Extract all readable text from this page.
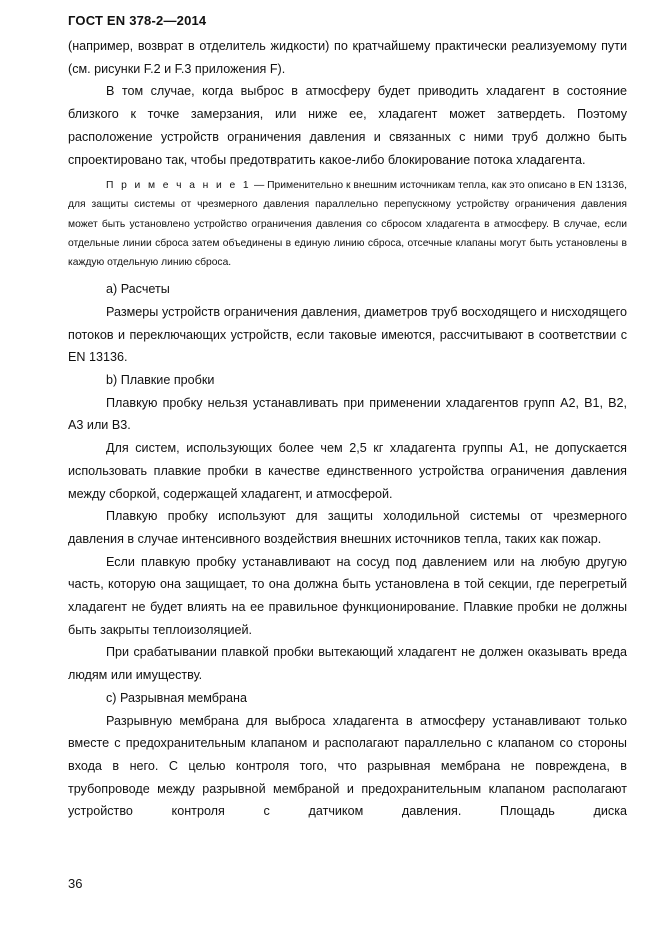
ГОСТ EN 378-2—2014

(например, возврат в отделитель жидкости) по кратчайшему практически реализуемому пути (см. рисунки F.2 и F.3 приложения F).

В том случае, когда выброс в атмосферу будет приводить хладагент в состояние близкого к точке замерзания, или ниже ее, хладагент может затвердеть. Поэтому расположение устройств ограничения давления и связанных с ними труб должно быть спроектировано так, чтобы предотвратить какое-либо блокирование потока хладагента.

П р и м е ч а н и е 1 — Применительно к внешним источникам тепла, как это описано в EN 13136, для защиты системы от чрезмерного давления параллельно перепускному устройству ограничения давления может быть установлено устройство ограничения давления со сбросом хладагента в атмосферу. В случае, если отдельные линии сброса затем объединены в единую линию сброса, отсечные клапаны могут быть установлены в каждую отдельную линию сброса.

a) Расчеты

Размеры устройств ограничения давления, диаметров труб восходящего и нисходящего потоков и переключающих устройств, если таковые имеются, рассчитывают в соответствии с EN 13136.

b) Плавкие пробки

Плавкую пробку нельзя устанавливать при применении хладагентов групп А2, В1, В2, А3 или В3.

Для систем, использующих более чем 2,5 кг хладагента группы А1, не допускается использовать плавкие пробки в качестве единственного устройства ограничения давления между сборкой, содержащей хладагент, и атмосферой.

Плавкую пробку используют для защиты холодильной системы от чрезмерного давления в случае интенсивного воздействия внешних источников тепла, таких как пожар.

Если плавкую пробку устанавливают на сосуд под давлением или на любую другую часть, которую она защищает, то она должна быть установлена в той секции, где перегретый хладагент не будет влиять на ее правильное функционирование. Плавкие пробки не должны быть закрыты теплоизоляцией.

При срабатывании плавкой пробки вытекающий хладагент не должен оказывать вреда людям или имуществу.

c) Разрывная мембрана

Разрывную мембрана для выброса хладагента в атмосферу устанавливают только вместе с предохранительным клапаном и располагают параллельно с клапаном со стороны входа в него. С целью контроля того, что разрывная мембрана не повреждена, в трубопроводе между разрывной мембраной и предохранительным клапаном располагают устройство контроля с датчиком давления. Площадь диска

36
